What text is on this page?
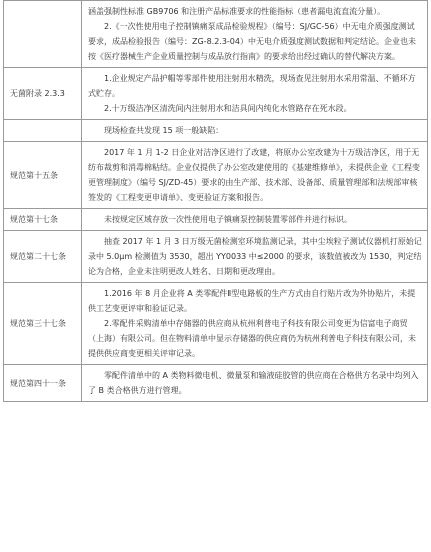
	涵盖强制性标准 GB9706 和注册产品标准要求的性能指标（患者漏电流直流分量）。

2.《一次性使用电子控制镇痛泵成品检验规程》（编号：SJ/GC-56）中无电介质强度测试要求，成品检验报告（编号：ZG-8.2.3-04）中无电介质强度测试数据和判定结论。企业也未按《医疗器械生产企业质量控制与成品放行指南》的要求给出经过确认的替代解决方案。

无菌附录 2.3.3	1.企业规定产品护帽等零部件使用注射用水精洗，现场查见注射用水采用常温、不循环方式贮存。

2.十万级洁净区清洗间内注射用水和洁具间内纯化水管路存在死水段。

	现场检查共发现 15 项一般缺陷：

规范第十五条	2017 年 1 月 1-2 日企业对洁净区进行了改建，将原办公室改建为十万级洁净区，用于无纺布裁剪和消毒棉粘结。企业仅提供了办公室改建使用的《基建维修单》，未提供企业《工程变更管理制度》（编号 SJ/ZD-45）要求的由生产部、技术部、设备部、质量管理部和法规部审核签发的《工程变更申请单》、变更验证方案和报告。

规范第十七条	未按规定区域存放一次性使用电子镇痛泵控制装置零部件并进行标识。

规范第二十七条	抽查 2017 年 1 月 3 日万级无菌检测室环境监测记录，其中尘埃粒子测试仪器机打原始记录中 5.0μm 检测值为 3530，超出 YY0033 中≤2000 的要求，该数值被改为 1530，判定结论为合格，企业未注明更改人姓名、日期和更改理由。

规范第三十七条	1.2016 年 8 月企业将 A 类零配件Ⅱ型电路板的生产方式由自行贴片改为外协贴片，未提供工艺变更评审和验证记录。

2.零配件采购清单中存储器的供应商从杭州利普电子科技有限公司变更为信富电子商贸（上海）有限公司。但在物料清单中显示存储器的供应商仍为杭州利普电子科技有限公司，未提供供应商变更相关评审记录。

规范第四十一条	零配件清单中的 A 类物料微电机、微量泵和输液硅胶管的供应商在合格供方名录中均列入了 B 类合格供方进行管理。
